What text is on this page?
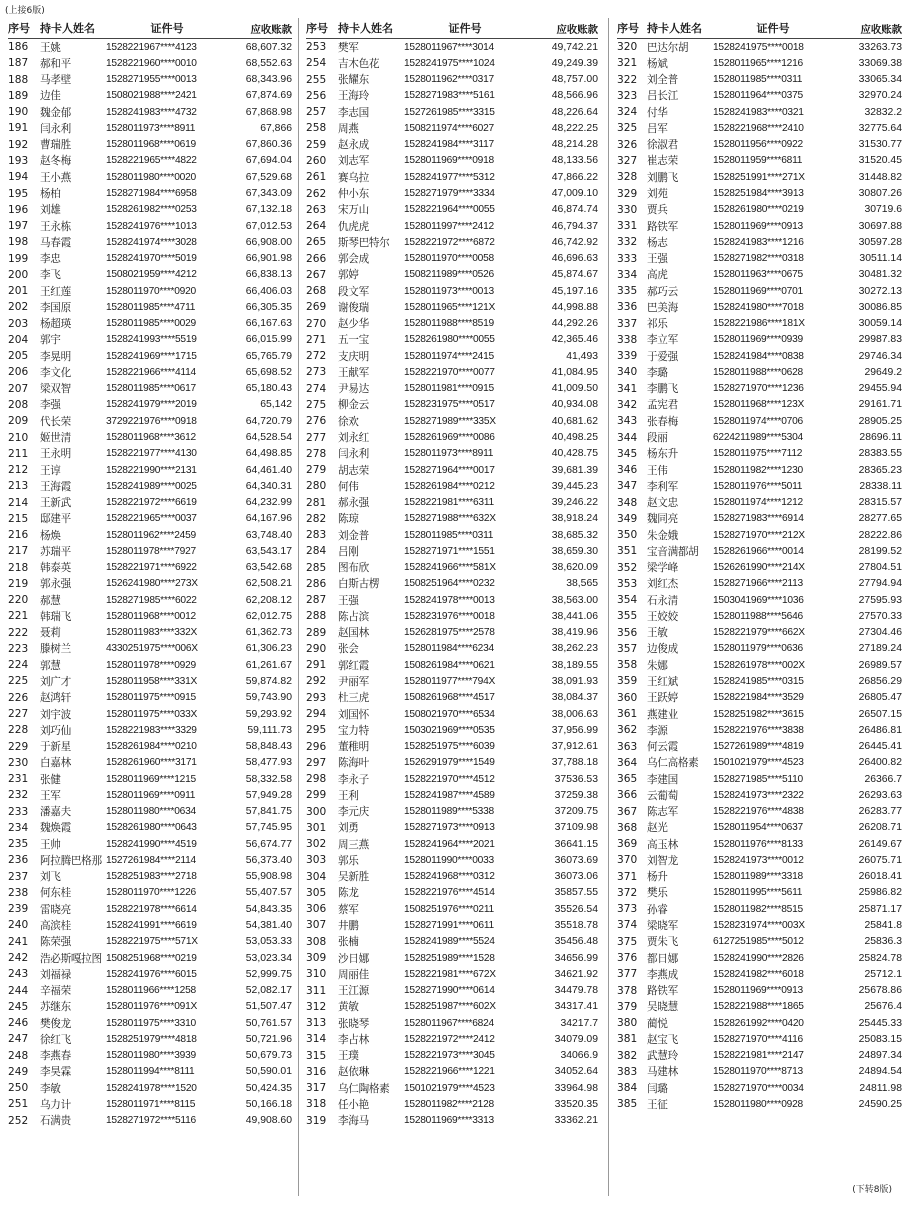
(上接6版)
序号 持卡人姓名	证件号	应收账款
186	王姚	1528221967****4123	68,607.32
187	郝和平	1528221960****0010	68,552.63
188	马孝壁	1528271955****0013	68,343.96
189	边佳	1508021988****2421	67,874.69
190	魏金郁	1528241983****4732	67,868.98
191	闫永利	1528011973****8911	67,866
192	曹瑞胜	1528011968****0619	67,860.36
193	赵冬梅	1528221965****4822	67,694.04
194	王小燕	1528011980****0020	67,529.68
195	杨柏	1528271984****6958	67,343.09
196	刘雄	1528261982****0253	67,132.18
197	王永栋	1528241976****1013	67,012.53
198	马春霞	1528241974****3028	66,908.00
199	李忠	1528241970****5019	66,901.98
200	李飞	1508021959****4212	66,838.13
201	王红莲	1528011970****0920	66,406.03
202	李国原	1528011985****4711	66,305.35
203	杨超瑛	1528011985****0029	66,167.63
204	郭宇	1528241993****5519	66,015.99
205	李晃明	1528241969****1715	65,765.79
206	李文化	1528221966****4114	65,698.52
207	梁双智	1528011985****0617	65,180.43
208	李强	1528241979****2019	65,142
209	代长荣	3729221976****0918	64,720.79
210	姬世清	1528011968****3612	64,528.54
211	王永明	1528221977****4130	64,498.85
212	王谆	1528221990****2131	64,461.40
213	王海霞	1528241989****0025	64,340.31
214	王新武	1528221972****6619	64,232.99
215	邸建平	1528221965****0037	64,167.96
216	杨焕	1528011962****2459	63,748.40
217	苏瑞平	1528011978****7927	63,543.17
218	韩泰英	1528221971****6922	63,542.68
219	郭永强	1526241980****273X	62,508.21
220	郝慧	1528271985****6022	62,208.12
221	韩瑞飞	1528011968****0012	62,012.75
222	聂莉	1528011983****332X	61,362.73
223	滕树兰	4330251975****006X	61,306.23
224	郭慧	1528011978****0929	61,261.67
225	刘广才	1528011958****331X	59,874.82
226	赵鸿轩	1528011975****0915	59,743.90
227	刘宇波	1528011975****033X	59,293.92
228	刘巧仙	1528221983****3329	59,111.73
229	于新星	1528261984****0210	58,848.43
230	白嘉林	1528261960****3171	58,477.93
231	张健	1528011969****1215	58,332.58
232	王军	1528011969****0911	57,949.28
233	潘嘉夫	1528011980****0634	57,841.75
234	魏焕霞	1528261980****0643	57,745.95
235	王帅	1528241990****4519	56,674.77
236	阿拉腾巴格那 1527261984****2114	56,373.40
237	刘飞	1528251983****2718	55,908.98
238	何东桂	1528011970****1226	55,407.57
239	雷晓亮	1528221978****6614	54,843.35
240	高滨桂	1528241991****6619	54,381.40
241	陈荣强	1528221975****571X	53,053.33
242	浩必斯嘎拉图 1508251968****0219	53,023.34
243	刘福禄	1528241976****6015	52,999.75
244	辛福荣	1528011966****1258	52,082.17
245	苏继东	1528011976****091X	51,507.47
246	樊俊龙	1528011975****3310	50,761.57
247	徐红飞	1528251979****4818	50,721.96
248	李燕春	1528011980****3939	50,679.73
249	李昊霖	1528011994****8111	50,590.01
250	李敏	1528241978****1520	50,424.35
251	乌力计	1528011971****8115	50,166.18
252	石满贵	1528271972****5116	49,908.60
序号 持卡人姓名	证件号	应收账款
253	樊军	1528011967****3014	49,742.21
254	吉木色花	1528241975****1024	49,249.39
255	张耀东	1528011962****0317	48,757.00
256	王海玲	1528271983****5161	48,566.96
257	李志国	1527261985****3315	48,226.64
258	周燕	1508211974****6027	48,222.25
259	赵永成	1528241984****3117	48,214.28
260	刘志军	1528011969****0918	48,133.56
261	赛乌拉	1528241977****5312	47,866.22
262	仲小东	1528271979****3334	47,009.10
263	宋万山	1528221964****0055	46,874.74
264	仇虎虎	1528011997****2412	46,794.37
265	斯琴巴特尔	1528221972****6872	46,742.92
266	郭会成	1528011970****0058	46,696.63
267	郭婷	1508211989****0526	45,874.67
268	段文军	1528011973****0013	45,197.16
269	谢俊瑞	1528011965****121X	44,998.88
270	赵少华	1528011988****8519	44,292.26
271	五一宝	1528261980****0055	42,365.46
272	支庆明	1528011974****2415	41,493
273	王献军	1528221970****0077	41,084.95
274	尹易达	1528011981****0915	41,009.50
275	柳金云	1528231975****0517	40,934.08
276	徐欢	1528271989****335X	40,681.62
277	刘永红	1528261969****0086	40,498.25
278	闫永利	1528011973****8911	40,428.75
279	胡志荣	1528271964****0017	39,681.39
280	何伟	1528261984****0212	39,445.23
281	郝永强	1528221981****6311	39,246.22
282	陈琼	1528271988****632X	38,918.24
283	刘金普	1528011985****0311	38,685.32
284	吕刚	1528271971****1551	38,659.30
285	图布欣	1528241966****581X	38,620.09
286	白斯古楞	1508251964****0232	38,565
287	王强	1528241978****0013	38,563.00
288	陈占滨	1528231976****0018	38,441.06
289	赵国林	1526281975****2578	38,419.96
290	张会	1528011984****6234	38,262.23
291	郭红霞	1508261984****0621	38,189.55
292	尹丽军	1528011977****794X	38,091.93
293	杜三虎	1508261968****4517	38,084.37
294	刘国怀	1508021970****6534	38,006.63
295	宝力特	1503021969****0535	37,956.99
296	董稚明	1528251975****6039	37,912.61
297	陈海叶	1526291979****1549	37,788.18
298	李永子	1528221970****4512	37536.53
299	王利	1528241987****4589	37259.38
300	李元庆	1528011989****5338	37209.75
301	刘勇	1528271973****0913	37109.98
302	周三燕	1528241964****2021	36641.15
303	郭乐	1528011990****0033	36073.69
304	吴新胜	1528241968****0312	36073.06
305	陈龙	1528221976****4514	35857.55
306	蔡军	1508251976****0211	35526.54
307	井鹏	1528271991****0611	35518.78
308	张楠	1528241989****5524	35456.48
309	沙日娜	1528251989****1528	34656.99
310	周丽佳	1528221981****672X	34621.92
311	王江源	1528271990****0614	34479.78
312	黄敏	1528251987****602X	34317.41
313	张晓琴	1528011967****6824	34217.7
314	李占林	1528221972****2412	34079.09
315	王璞	1528221973****3045	34066.9
316	赵依琳	1528221966****1221	34052.64
317	乌仁陶格素	1501021979****4523	33964.98
318	任小艳	1528011982****2128	33520.35
319	李海马	1528011969****3313	33362.21
序号 持卡人姓名	证件号	应收账款
320 巴达尔胡	1528241975****0018	33263.73
321 杨斌	1528011965****1216	33069.38
322 刘全普	1528011985****0311	33065.34
323 吕长江	1528011964****0375	32970.24
324 付华	1528241983****0321	32832.2
325 吕军	1528221968****2410	32775.64
326 徐淑君	1528011956****0922	31530.77
327 崔志荣	1528011959****6811	31520.45
328 刘鹏飞	1528251991****271X	31448.82
329 刘苑	1528251984****3913	30807.26
330 贾兵	1528261980****0219	30719.6
331 路铁军	1528011969****0913	30697.88
332 杨志	1528241983****1216	30597.28
333 王强	1528271982****0318	30511.14
334 高虎	1528011963****0675	30481.32
335 郝巧云	1528011969****0701	30272.13
336 巴美海	1528241980****7018	30086.85
337 祁乐	1528221986****181X	30059.14
338 李立军	1528011969****0939	29987.83
339 于爱强	1528241984****0838	29746.34
340 李璐	1528011988****0628	29649.2
341 李鹏飞	1528271970****1236	29455.94
342 孟宪君	1528011968****123X	29161.71
343 张春梅	1528011974****0706	28905.25
344 段丽	6224211989****5304	28696.11
345 杨东升	1528011975****7112	28383.55
346 王伟	1528011982****1230	28365.23
347 李利军	1528011976****5011	28338.11
348 赵文忠	1528011974****1212	28315.57
349 魏同亮	1528271983****6914	28277.65
350 朱金娥	1528271970****212X	28222.86
351 宝音满都胡	1528261966****0014	28199.52
352 梁学峰	1526261990****214X	27804.51
353 刘红杰	1528271966****2113	27794.94
354 石永清	1503041969****1036	27595.93
355 王姣姣	1528011988****5646	27570.33
356 王敏	1528221979****662X	27304.46
357 边俊成	1528011979****0636	27189.24
358 朱娜	1528261978****002X	26989.57
359 王红斌	1528241985****0315	26856.29
360 王跃婷	1528221984****3529	26805.47
361 燕建业	1528251982****3615	26507.15
362 李源	1528221976****3838	26486.81
363 何云霞	1527261989****4819	26445.41
364 乌仁高格素	1501021979****4523	26400.82
365 李建国	1528271985****5110	26366.7
366 云葡萄	1528241973****2322	26293.63
367 陈志军	1528221976****4838	26283.77
368 赵光	1528011954****0637	26208.71
369 高玉林	1528011976****8133	26149.67
370 刘智龙	1528241973****0012	26075.71
371 杨升	1528011989****3318	26018.41
372 樊乐	1528011995****5611	25986.82
373 孙睿	1528011982****8515	25871.17
374 梁晓军	1528231974****003X	25841.8
375 贾朱飞	6127251985****5012	25836.3
376 都日娜	1528241990****2826	25824.78
377 李燕成	1528241982****6018	25712.1
378 路铁军	1528011969****0913	25678.86
379 吴晓慧	1528221988****1865	25676.4
380 蔺悦	1528261992****0420	25445.33
381 赵宝飞	1528271970****4116	25083.15
382 武慧玲	1528221981****2147	24897.34
383 马建林	1528011970****8713	24894.54
384 闫璐	1528271970****0034	24811.98
385 王征	1528011980****0928	24590.25
(下转8版)
